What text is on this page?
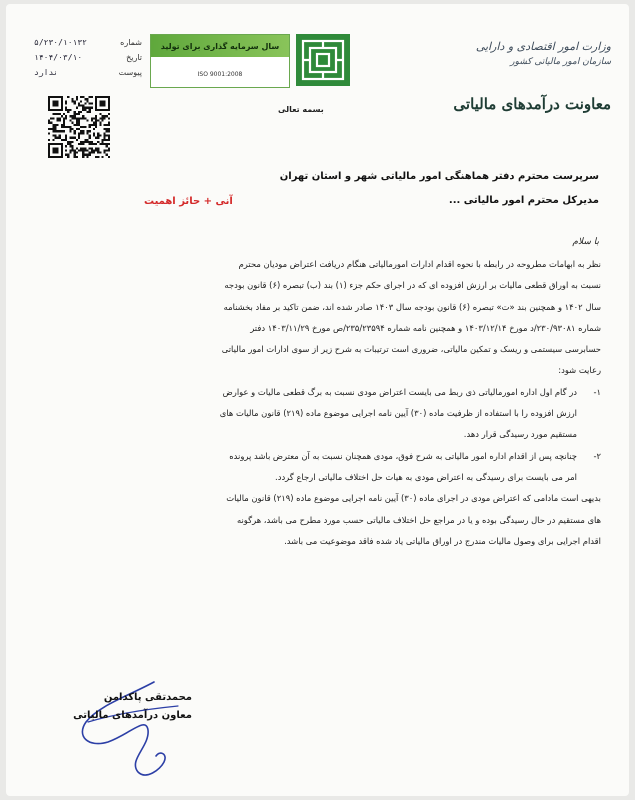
وزارت امور اقتصادی و دارایی
سازمان امور مالیاتی کشور
معاونت درآمدهای مالیاتی
سال سرمایه گذاری برای تولید
ISO 9001:2008
شماره
۵/۲۳۰/۱۰۱۳۲
تاریخ
۱۴۰۴/۰۳/۱۰
پیوست
ندارد
بسمه تعالی
سرپرست محترم دفتر هماهنگی امور مالیاتی شهر و استان تهران
مدیرکل محترم امور مالیاتی ...
آنی + حائز اهمیت
با سلام

نظر به ابهامات مطروحه در رابطه با نحوه اقدام ادارات امورمالیاتی هنگام دریافت اعتراض مودیان محترم

نسبت به اوراق قطعی مالیات بر ارزش افزوده ای که در اجرای حکم جزء (۱) بند (ب) تبصره (۶) قانون بودجه

سال ۱۴۰۲ و همچنین بند «ت» تبصره (۶) قانون بودجه سال ۱۴۰۳ صادر شده اند، ضمن تاکید بر مفاد بخشنامه

شماره ۲۳۰/۹۳۰۸۱/د مورخ ۱۴۰۳/۱۲/۱۴ و همچنین نامه شماره ۲۳۵/۲۳۵۹۴/ص مورخ ۱۴۰۳/۱۱/۲۹ دفتر

حسابرسی سیستمی و ریسک و تمکین مالیاتی، ضروری است ترتیبات به شرح زیر از سوی ادارات امور مالیاتی

رعایت شود:

۱-

در گام اول اداره امورمالیاتی ذی ربط می بایست اعتراض مودی نسبت به برگ قطعی مالیات و عوارض

ارزش افزوده را با استفاده از ظرفیت ماده (۳۰) آیین نامه اجرایی موضوع ماده (۲۱۹) قانون مالیات های

مستقیم مورد رسیدگی قرار دهد.

۲-

چنانچه پس از اقدام اداره امور مالیاتی به شرح فوق، مودی همچنان نسبت به آن معترض باشد پرونده

امر می بایست برای رسیدگی به اعتراض مودی به هیات حل اختلاف مالیاتی ارجاع گردد.

بدیهی است مادامی که اعتراض مودی در اجرای ماده (۳۰) آیین نامه اجرایی موضوع ماده (۲۱۹) قانون مالیات

های مستقیم در حال رسیدگی بوده و یا در مراجع حل اختلاف مالیاتی حسب مورد مطرح می باشد، هرگونه

اقدام اجرایی برای وصول مالیات مندرج در اوراق مالیاتی یاد شده فاقد موضوعیت می باشد.

محمدتقی پاکدامن
معاون درآمدهای مالیاتی
